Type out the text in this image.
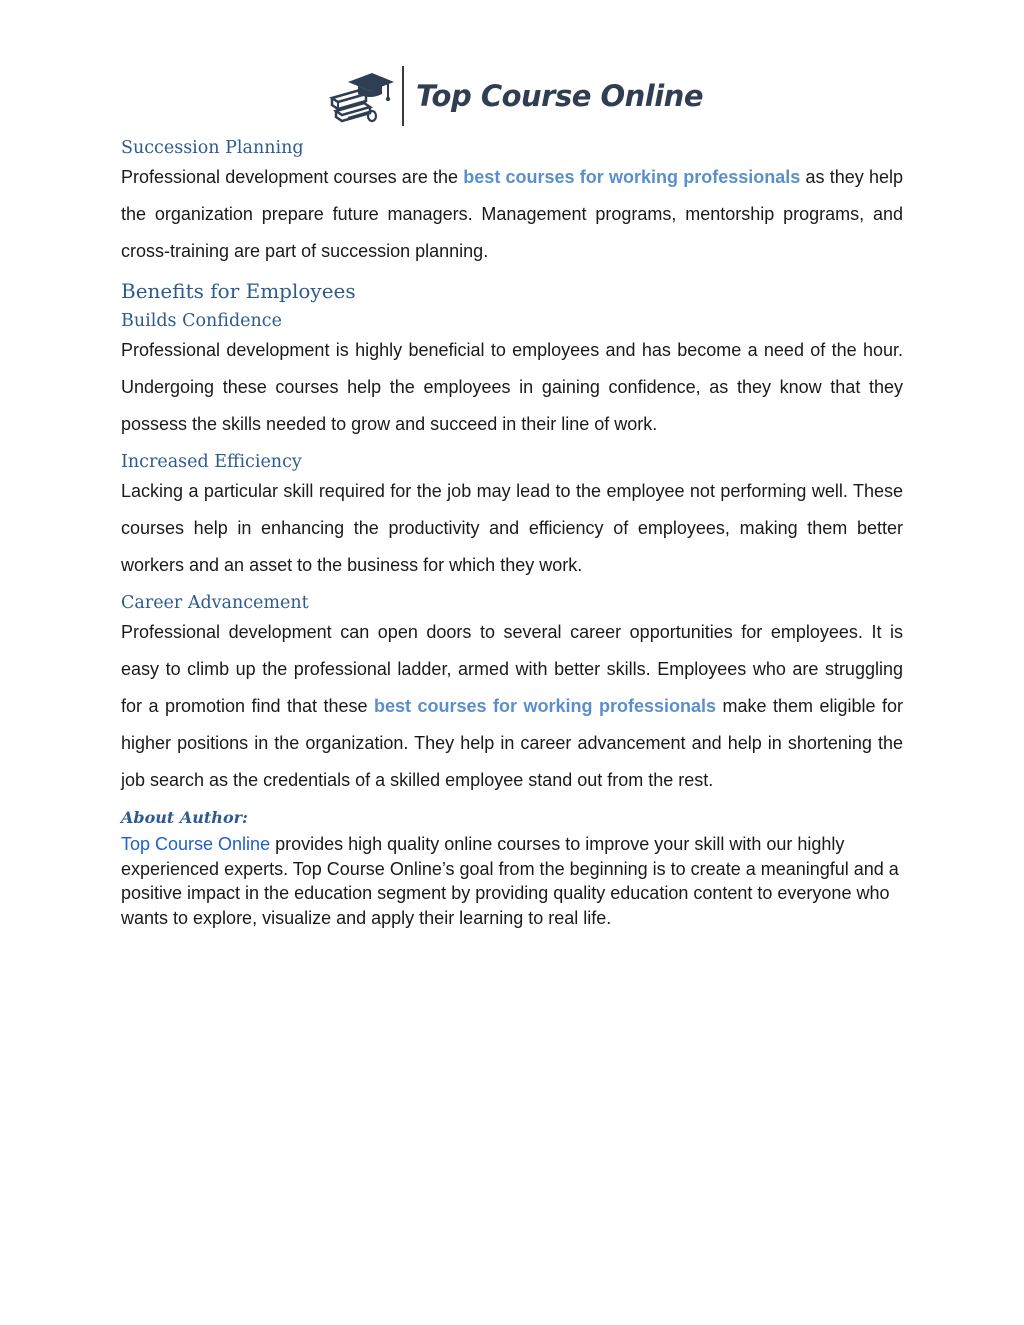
Top Course Online
Succession Planning

Professional development courses are the best courses for working professionals as they help the organization prepare future managers. Management programs, mentorship programs, and cross-training are part of succession planning.

Benefits for Employees
Builds Confidence

Professional development is highly beneficial to employees and has become a need of the hour. Undergoing these courses help the employees in gaining confidence, as they know that they possess the skills needed to grow and succeed in their line of work.

Increased Efficiency

Lacking a particular skill required for the job may lead to the employee not performing well. These courses help in enhancing the productivity and efficiency of employees, making them better workers and an asset to the business for which they work.

Career Advancement

Professional development can open doors to several career opportunities for employees. It is easy to climb up the professional ladder, armed with better skills. Employees who are struggling for a promotion find that these best courses for working professionals make them eligible for higher positions in the organization. They help in career advancement and help in shortening the job search as the credentials of a skilled employee stand out from the rest.

About Author:

Top Course Online provides high quality online courses to improve your skill with our highly experienced experts. Top Course Online’s goal from the beginning is to create a meaningful and a positive impact in the education segment by providing quality education content to everyone who wants to explore, visualize and apply their learning to real life.
